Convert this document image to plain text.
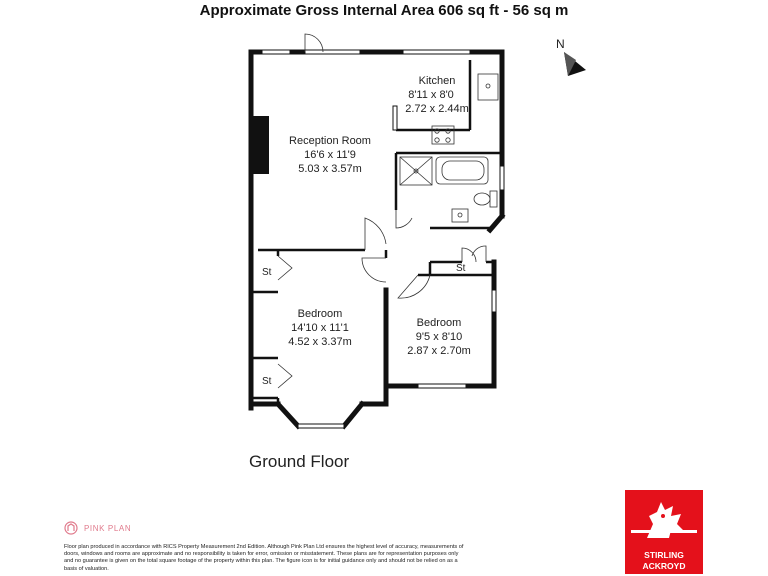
Approximate Gross Internal Area 606 sq ft - 56 sq m
N
Kitchen
8'11 x 8'0
2.72 x 2.44m
Reception Room
16'6 x 11'9
5.03 x 3.57m
Bedroom
14'10 x 11'1
4.52 x 3.37m
Bedroom
9'5 x 8'10
2.87 x 2.70m
St
St
St
Ground Floor
PINK PLAN
Floor plan produced in accordance with RICS Property Measurement 2nd Edition. Although Pink Plan Ltd ensures the highest level of accuracy, measurements of doors, windows and rooms are approximate and no responsibility is taken for error, omission or misstatement. These plans are for representation purposes only and no guarantee is given on the total square footage of the property within this plan. The figure icon is for initial guidance only and should not be relied on as a basis of valuation.
STIRLING
ACKROYD
